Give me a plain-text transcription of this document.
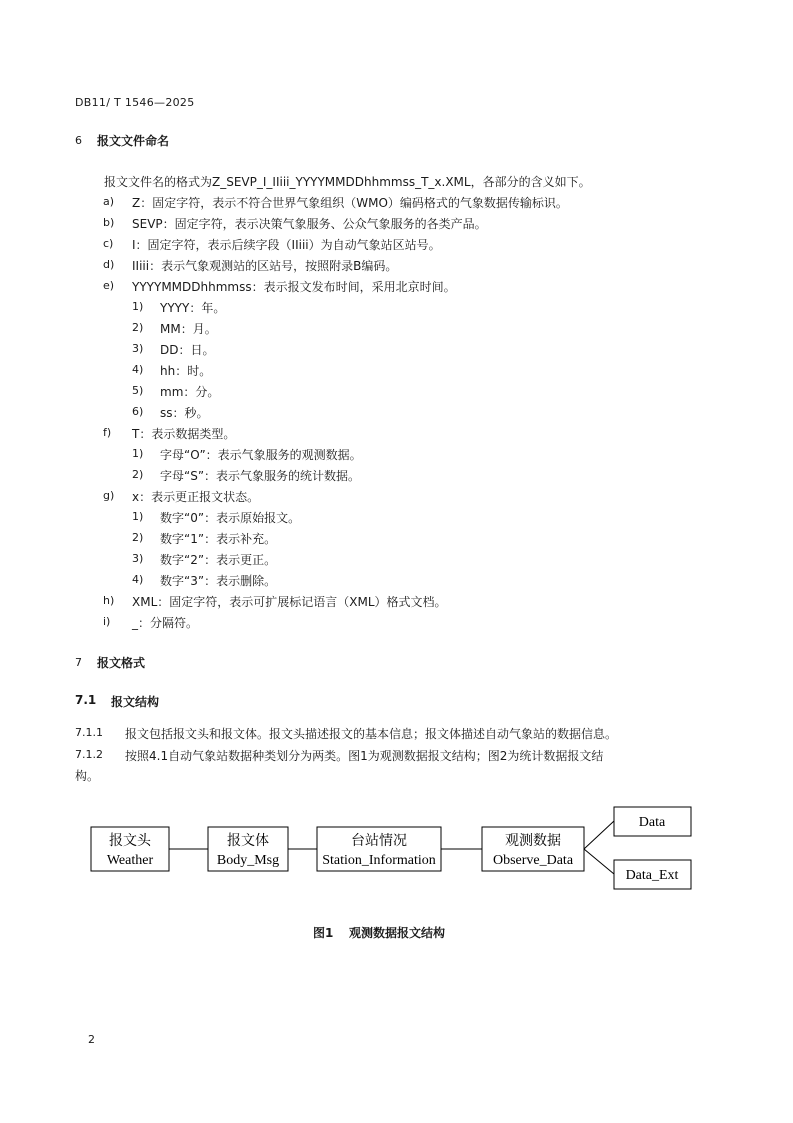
DB11/ T 1546—2025
6 报文文件命名
报文文件名的格式为Z_SEVP_I_IIiii_YYYYMMDDhhmmss_T_x.XML，各部分的含义如下。
a) Z：固定字符，表示不符合世界气象组织（WMO）编码格式的气象数据传输标识。
b) SEVP：固定字符，表示决策气象服务、公众气象服务的各类产品。
c) I：固定字符，表示后续字段（IIiii）为自动气象站区站号。
d) IIiii：表示气象观测站的区站号，按照附录B编码。
e) YYYYMMDDhhmmss：表示报文发布时间，采用北京时间。
1) YYYY：年。
2) MM：月。
3) DD：日。
4) hh：时。
5) mm：分。
6) ss：秒。
f) T：表示数据类型。
1) 字母“O”：表示气象服务的观测数据。
2) 字母“S”：表示气象服务的统计数据。
g) x：表示更正报文状态。
1) 数字“0”：表示原始报文。
2) 数字“1”：表示补充。
3) 数字“2”：表示更正。
4) 数字“3”：表示删除。
h) XML：固定字符，表示可扩展标记语言（XML）格式文档。
i) _：分隔符。
7 报文格式
7.1 报文结构
7.1.1 报文包括报文头和报文体。报文头描述报文的基本信息；报文体描述自动气象站的数据信息。
7.1.2 按照4.1自动气象站数据种类划分为两类。图1为观测数据报文结构；图2为统计数据报文结
构。
报文头
Weather
报文体
Body_Msg
台站情况
Station_Information
观测数据
Observe_Data
Data
Data_Ext
图1 观测数据报文结构
2
